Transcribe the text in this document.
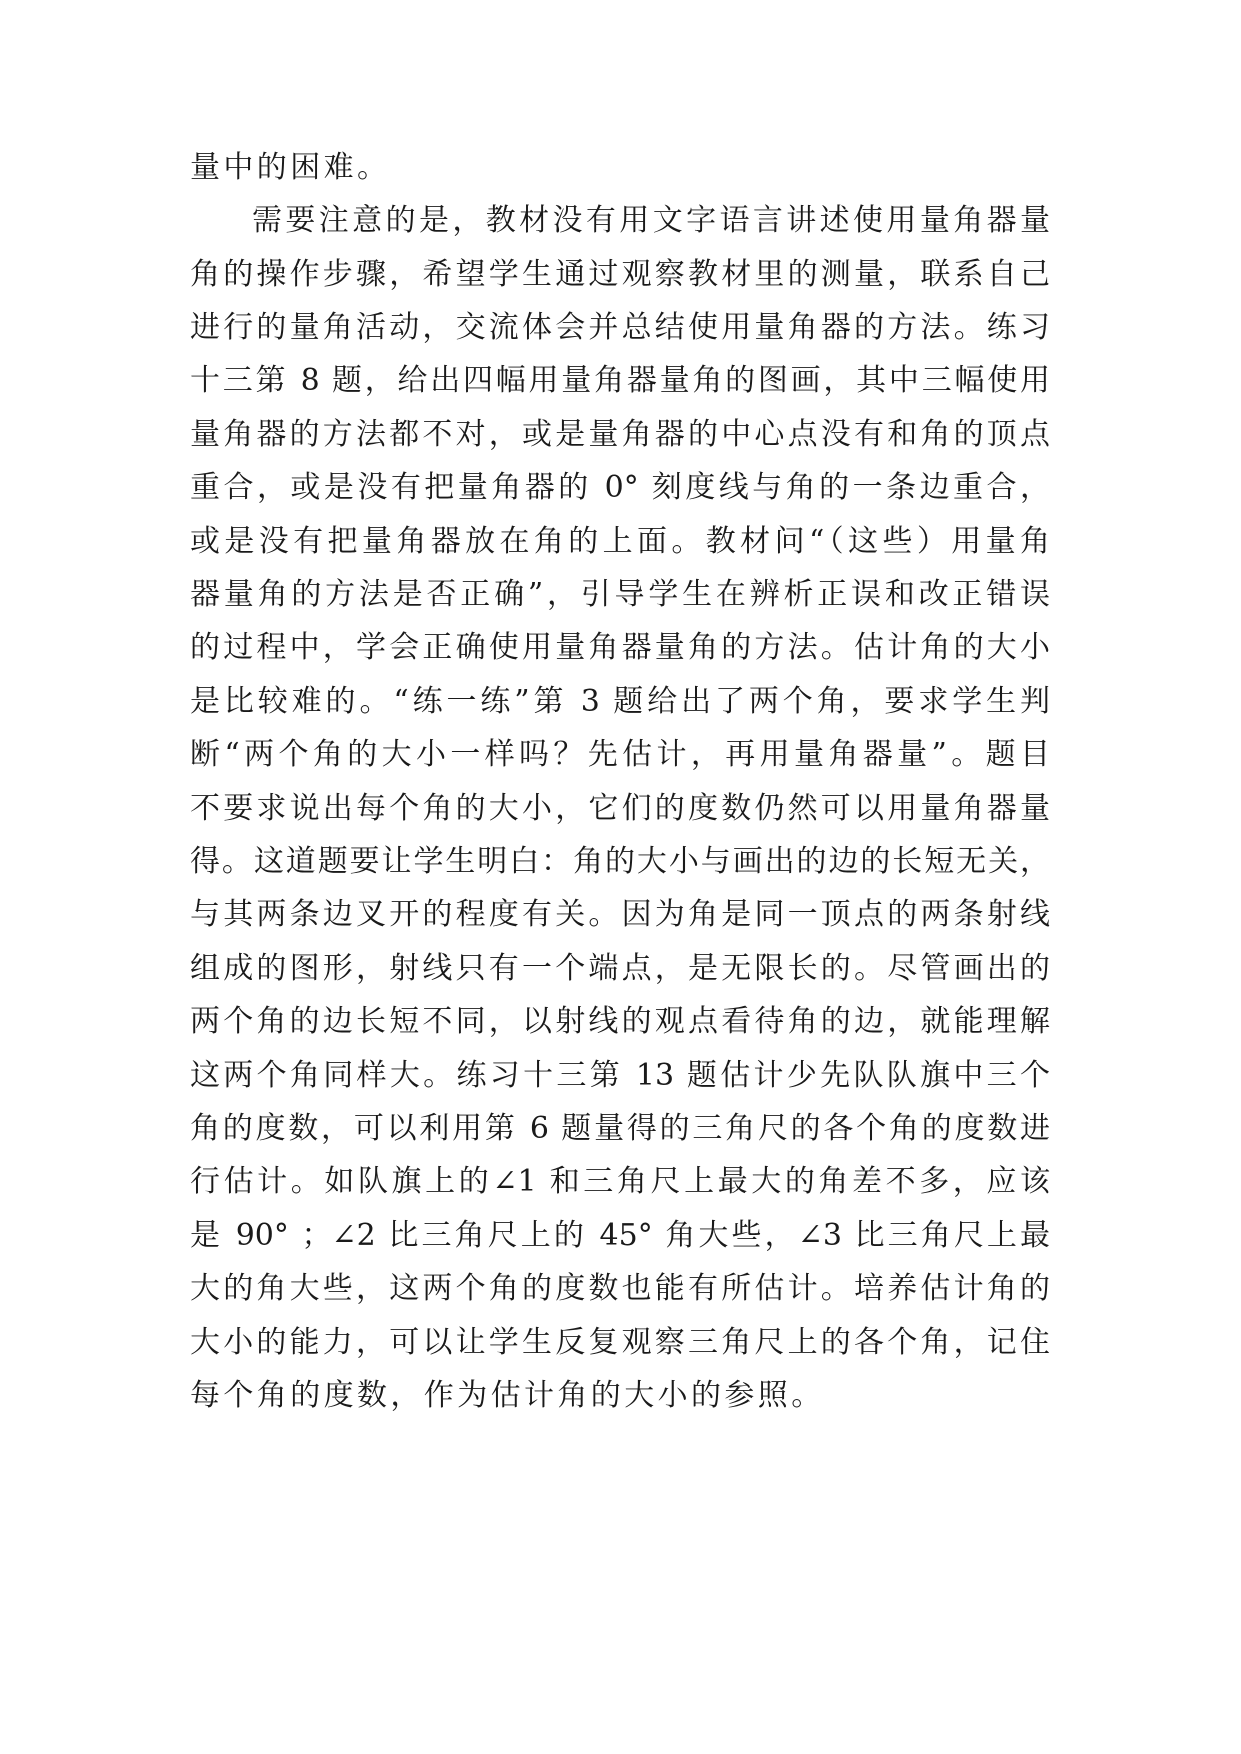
量中的困难。
需要注意的是，教材没有用文字语言讲述使用量角器量
角的操作步骤，希望学生通过观察教材里的测量，联系自己
进行的量角活动，交流体会并总结使用量角器的方法。练习
十三第 8 题，给出四幅用量角器量角的图画，其中三幅使用
量角器的方法都不对，或是量角器的中心点没有和角的顶点
重合，或是没有把量角器的 0° 刻度线与角的一条边重合，
或是没有把量角器放在角的上面。教材问“（这些）用量角
器量角的方法是否正确”，引导学生在辨析正误和改正错误
的过程中，学会正确使用量角器量角的方法。估计角的大小
是比较难的。“练一练”第 3 题给出了两个角，要求学生判
断“两个角的大小一样吗？先估计，再用量角器量”。题目
不要求说出每个角的大小，它们的度数仍然可以用量角器量
得。这道题要让学生明白：角的大小与画出的边的长短无关，
与其两条边叉开的程度有关。因为角是同一顶点的两条射线
组成的图形，射线只有一个端点，是无限长的。尽管画出的
两个角的边长短不同，以射线的观点看待角的边，就能理解
这两个角同样大。练习十三第 13 题估计少先队队旗中三个
角的度数，可以利用第 6 题量得的三角尺的各个角的度数进
行估计。如队旗上的∠1 和三角尺上最大的角差不多，应该
是 90° ；∠2 比三角尺上的 45° 角大些，∠3 比三角尺上最
大的角大些，这两个角的度数也能有所估计。培养估计角的
大小的能力，可以让学生反复观察三角尺上的各个角，记住
每个角的度数，作为估计角的大小的参照。
